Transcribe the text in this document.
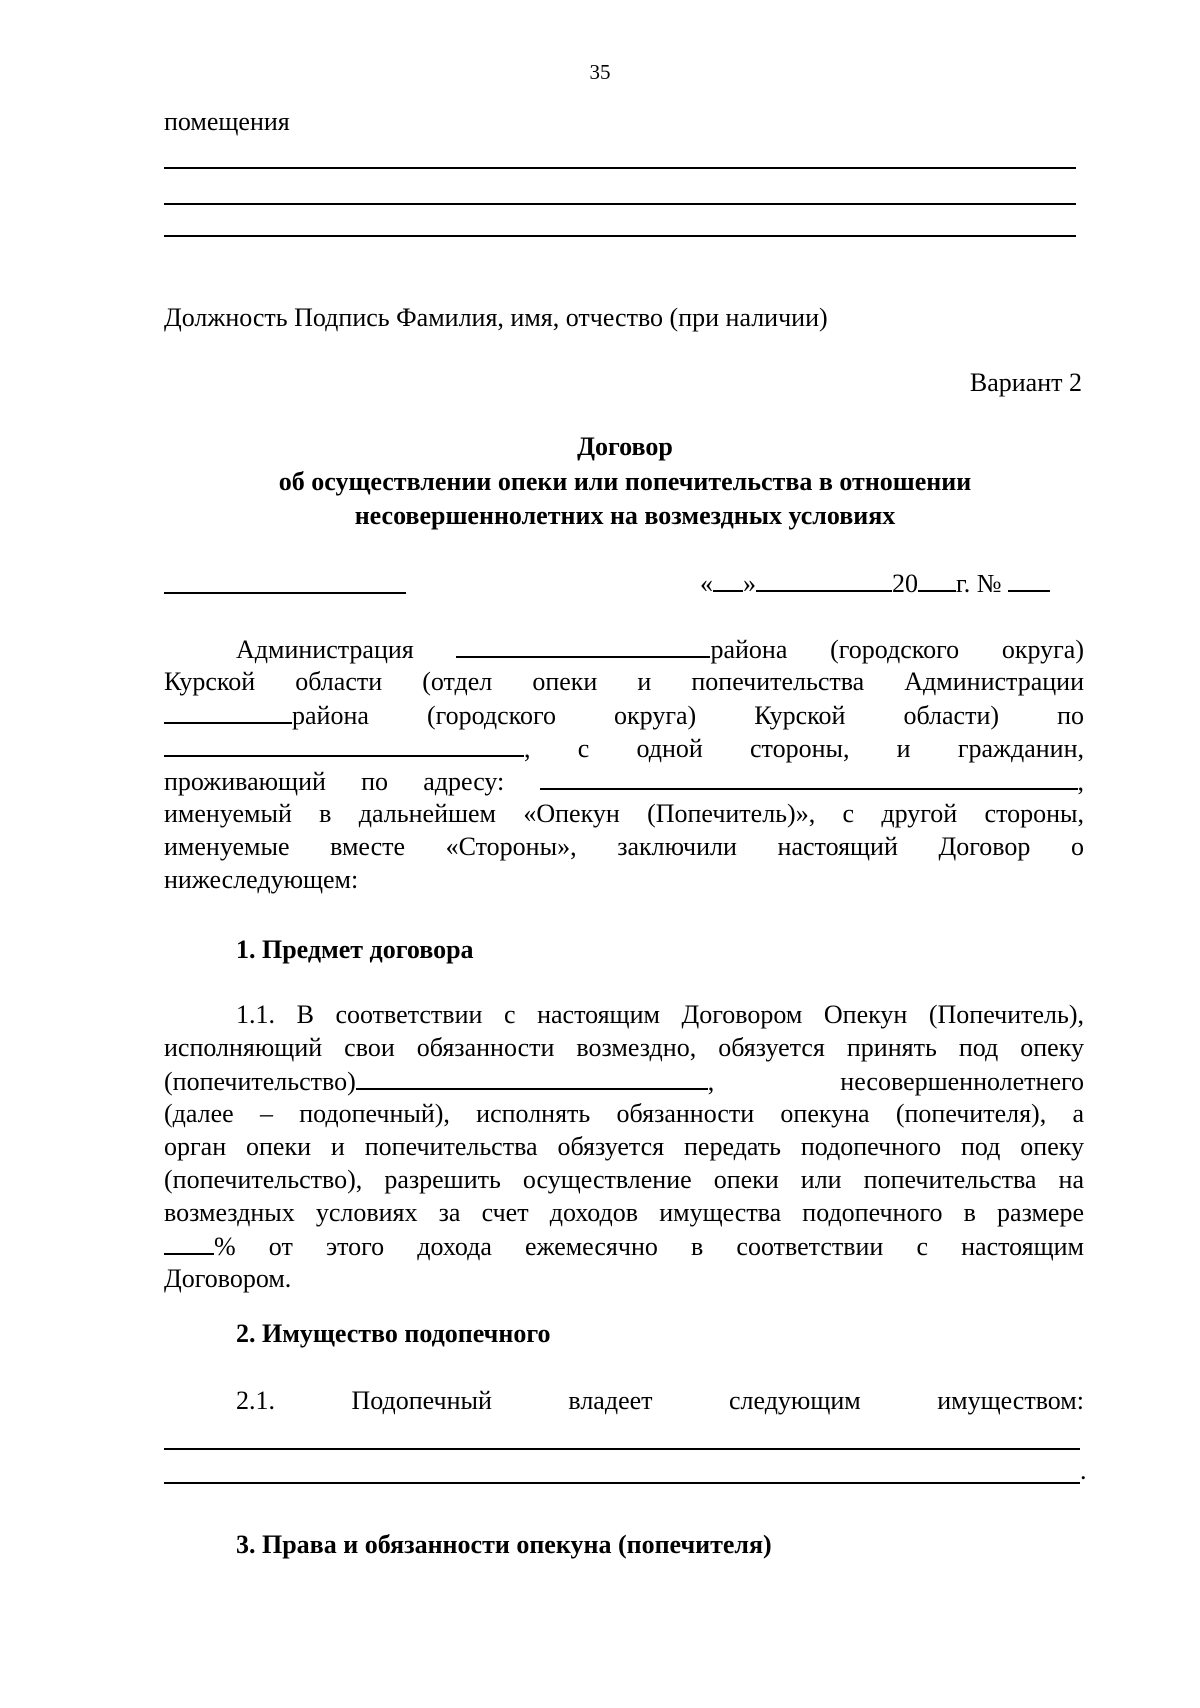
35
помещения
Должность Подпись Фамилия, имя, отчество (при наличии)
Вариант 2
Договор
об осуществлении опеки или попечительства в отношении
несовершеннолетних на возмездных условиях
« »	20 г. №
Администрация	района (городского округа)
Курской области (отдел опеки и попечительства Администрации
района (городского округа) Курской области) по
, с одной стороны, и гражданин,
проживающий по адресу:	,
именуемый в дальнейшем «Опекун (Попечитель)», с другой стороны,
именуемые вместе «Стороны», заключили настоящий Договор о
нижеследующем:
1. Предмет договора
1.1. В соответствии с настоящим Договором Опекун (Попечитель),
исполняющий свои обязанности возмездно, обязуется принять под опеку
(попечительство)	,	несовершеннолетнего
(далее – подопечный), исполнять обязанности опекуна (попечителя), а
орган опеки и попечительства обязуется передать подопечного под опеку
(попечительство), разрешить осуществление опеки или попечительства на
возмездных условиях за счет доходов имущества подопечного в размере
% от этого дохода ежемесячно в соответствии с настоящим
Договором.
2. Имущество подопечного
2.1. Подопечный владеет следующим имуществом:
.
3. Права и обязанности опекуна (попечителя)
